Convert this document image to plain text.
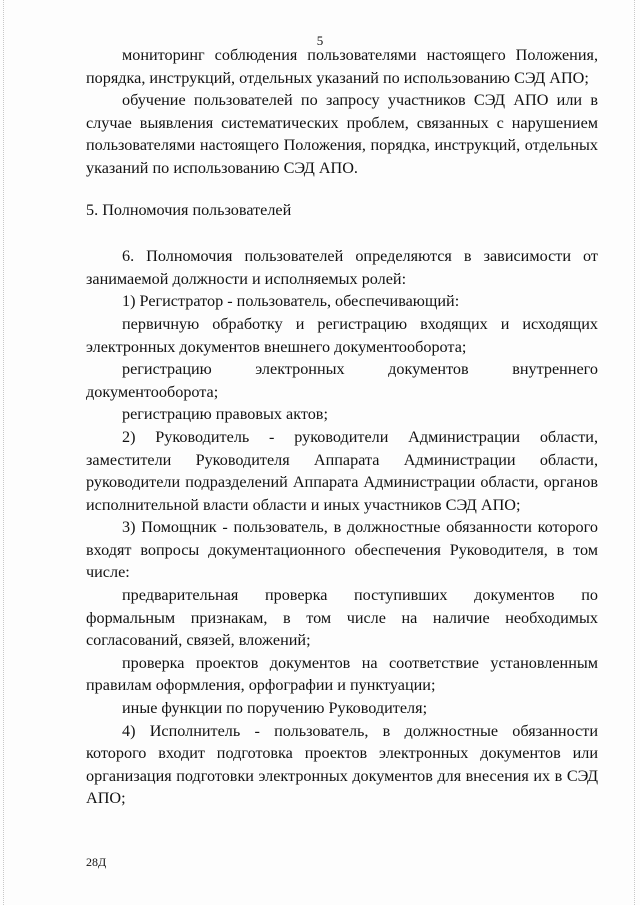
5

мониторинг соблюдения пользователями настоящего Положения, порядка, инструкций, отдельных указаний по использованию СЭД АПО;

обучение пользователей по запросу участников СЭД АПО или в случае выявления систематических проблем, связанных с нарушением пользователями настоящего Положения, порядка, инструкций, отдельных указаний по использованию СЭД АПО.

5. Полномочия пользователей

6. Полномочия пользователей определяются в зависимости от занимаемой должности и исполняемых ролей:

1) Регистратор - пользователь, обеспечивающий:

первичную обработку и регистрацию входящих и исходящих электронных документов внешнего документооборота;

регистрацию электронных документов внутреннего документооборота;

регистрацию правовых актов;

2) Руководитель - руководители Администрации области, заместители Руководителя Аппарата Администрации области, руководители подразделений Аппарата Администрации области, органов исполнительной власти области и иных участников СЭД АПО;

3) Помощник - пользователь, в должностные обязанности которого входят вопросы документационного обеспечения Руководителя, в том числе:

предварительная проверка поступивших документов по формальным признакам, в том числе на наличие необходимых согласований, связей, вложений;

проверка проектов документов на соответствие установленным правилам оформления, орфографии и пунктуации;

иные функции по поручению Руководителя;

4) Исполнитель - пользователь, в должностные обязанности которого входит подготовка проектов электронных документов или организация подготовки электронных документов для внесения их в СЭД АПО;

28Д
